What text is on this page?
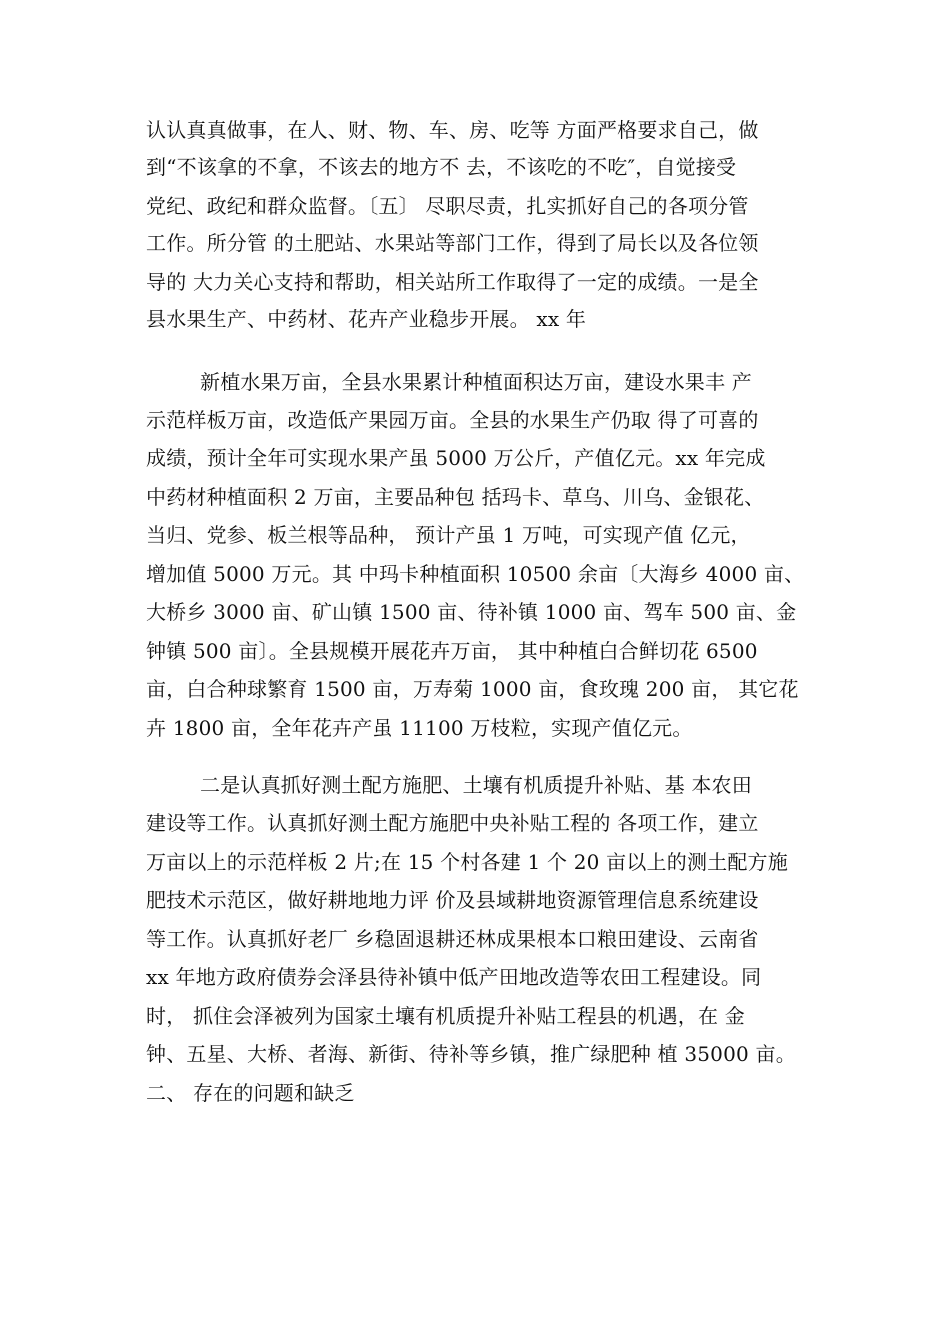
认认真真做事，在人、财、物、车、房、吃等 方面严格要求自己，做
到“不该拿的不拿，不该去的地方不 去，不该吃的不吃″，自觉接受
党纪、政纪和群众监督。〔五〕 尽职尽责，扎实抓好自己的各项分管
工作。所分管 的土肥站、水果站等部门工作，得到了局长以及各位领
导的 大力关心支持和帮助，相关站所工作取得了一定的成绩。一是全
县水果生产、中药材、花卉产业稳步开展。 xx 年
新植水果万亩，全县水果累计种植面积达万亩，建设水果丰 产
示范样板万亩，改造低产果园万亩。全县的水果生产仍取 得了可喜的
成绩，预计全年可实现水果产虽 5000 万公斤，产值亿元。xx 年完成
中药材种植面积 2 万亩，主要品种包 括玛卡、草乌、川乌、金银花、
当归、党参、板兰根等品种， 预计产虽 1 万吨，可实现产值 亿元，
增加值 5000 万元。其 中玛卡种植面积 10500 余亩〔大海乡 4000 亩、
大桥乡 3000 亩、矿山镇 1500 亩、待补镇 1000 亩、驾车 500 亩、金
钟镇 500 亩〕。全县规模开展花卉万亩， 其中种植白合鲜切花 6500
亩，白合种球繁育 1500 亩，万寿菊 1000 亩，食玫瑰 200 亩， 其它花
卉 1800 亩，全年花卉产虽 11100 万枝粒，实现产值亿元。
二是认真抓好测土配方施肥、土壤有机质提升补贴、基 本农田
建设等工作。认真抓好测土配方施肥中央补贴工程的 各项工作，建立
万亩以上的示范样板 2 片;在 15 个村各建 1 个 20 亩以上的测土配方施
肥技术示范区，做好耕地地力评 价及县域耕地资源管理信息系统建设
等工作。认真抓好老厂 乡稳固退耕还林成果根本口粮田建设、云南省
xx 年地方政府债券会泽县待补镇中低产田地改造等农田工程建设。同
时， 抓住会泽被列为国家土壤有机质提升补贴工程县的机遇，在 金
钟、五星、大桥、者海、新街、待补等乡镇，推广绿肥种 植 35000 亩。
二、 存在的问题和缺乏
